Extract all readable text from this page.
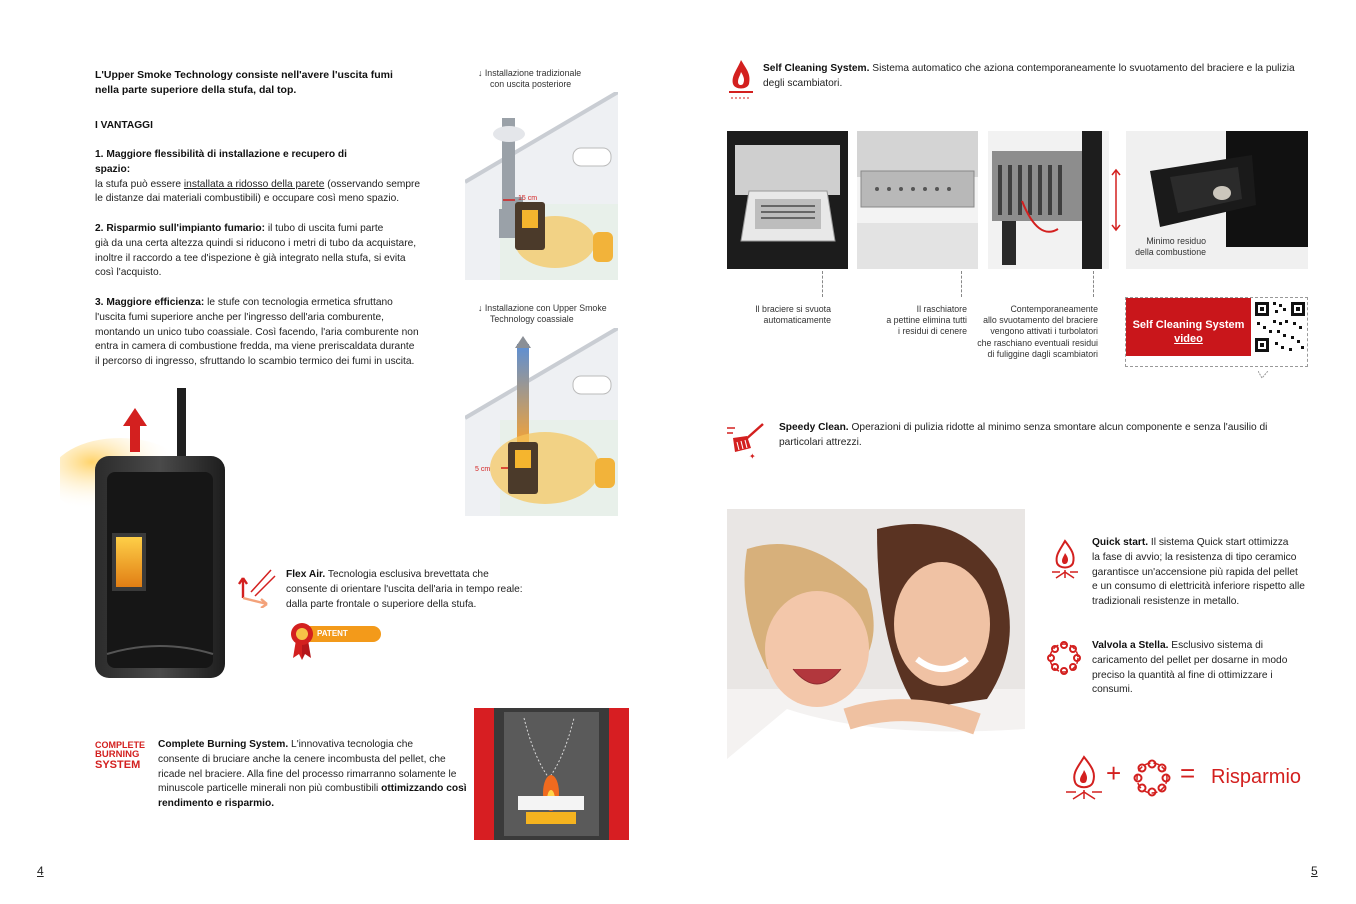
L'Upper Smoke Technology consiste nell'avere l'uscita fumi
nella parte superiore della stufa, dal top.
I VANTAGGI
1. Maggiore flessibilità di installazione e recupero di
spazio:
la stufa può essere installata a ridosso della parete (osservando sempre
le distanze dai materiali combustibili) e occupare così meno spazio.
2. Risparmio sull'impianto fumario: il tubo di uscita fumi parte
già da una certa altezza quindi si riducono i metri di tubo da acquistare,
inoltre il raccordo a tee d'ispezione è già integrato nella stufa, si evita
così l'acquisto.
3. Maggiore efficienza: le stufe con tecnologia ermetica sfruttano
l'uscita fumi superiore anche per l'ingresso dell'aria comburente,
montando un unico tubo coassiale. Così facendo, l'aria comburente non
entra in camera di combustione fredda, ma viene preriscaldata durante
il percorso di ingresso, sfruttando lo scambio termico dei fumi in uscita.
↓ Installazione tradizionale
con uscita posteriore
15 cm
↓ Installazione con Upper Smoke
Technology coassiale
5 cm
Flex Air. Tecnologia esclusiva brevettata che
consente di orientare l'uscita dell'aria in tempo reale:
dalla parte frontale o superiore della stufa.
PATENT PENDING
COMPLETE
BURNING
SYSTEM
Complete Burning System. L'innovativa tecnologia che
consente di bruciare anche la cenere incombusta del pellet, che
ricade nel braciere. Alla fine del processo rimarranno solamente le
minuscole particelle minerali non più combustibili ottimizzando così
rendimento e risparmio.
4
Self Cleaning System. Sistema automatico che aziona contemporaneamente lo svuotamento del braciere e la pulizia
degli scambiatori.
Il braciere si svuota
automaticamente
Il raschiatore
a pettine elimina tutti
i residui di cenere
Contemporaneamente
allo svuotamento del braciere
vengono attivati i turbolatori
che raschiano eventuali residui
di fuliggine dagli scambiatori
Minimo residuo
della combustione
Self Cleaning System
video
✦
Speedy Clean. Operazioni di pulizia ridotte al minimo senza smontare alcun componente e senza l'ausilio di
particolari attrezzi.
Quick start. Il sistema Quick start ottimizza
la fase di avvio; la resistenza di tipo ceramico
garantisce un'accensione più rapida del pellet
e un consumo di elettricità inferiore rispetto alle
tradizionali resistenze in metallo.
Valvola a Stella. Esclusivo sistema di
caricamento del pellet per dosarne in modo
preciso la quantità al fine di ottimizzare i
consumi.
+ = Risparmio
5
